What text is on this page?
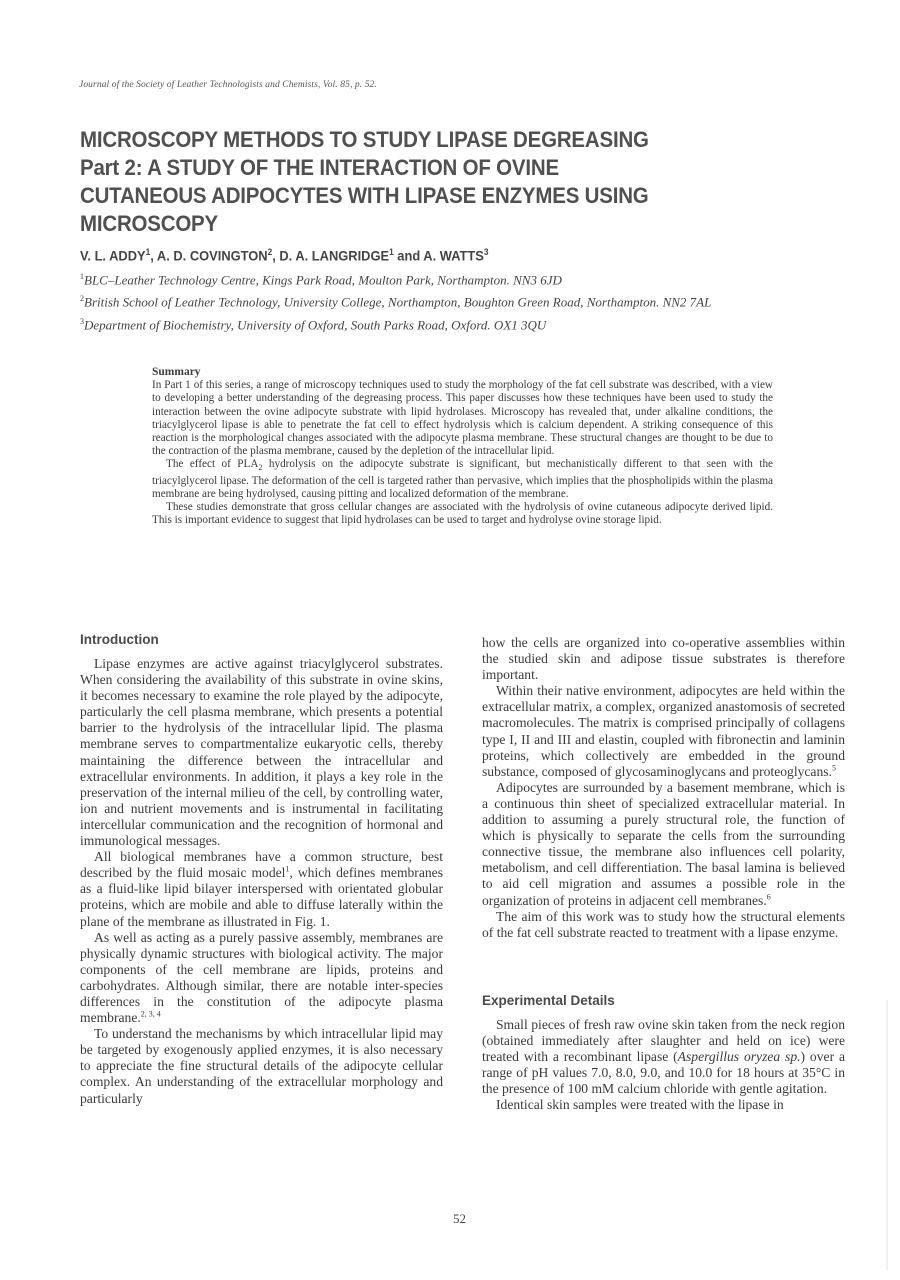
Journal of the Society of Leather Technologists and Chemists, Vol. 85, p. 52.
MICROSCOPY METHODS TO STUDY LIPASE DEGREASING
Part 2: A STUDY OF THE INTERACTION OF OVINE
CUTANEOUS ADIPOCYTES WITH LIPASE ENZYMES USING
MICROSCOPY
V. L. ADDY$^1$, A. D. COVINGTON$^2$, D. A. LANGRIDGE$^1$ and A. WATTS$^3$
$^1$BLC–Leather Technology Centre, Kings Park Road, Moulton Park, Northampton. NN3 6JD
$^2$British School of Leather Technology, University College, Northampton, Boughton Green Road, Northampton. NN2 7AL
$^3$Department of Biochemistry, University of Oxford, South Parks Road, Oxford. OX1 3QU
Summary

In Part 1 of this series, a range of microscopy techniques used to study the morphology of the fat cell substrate was described, with a view to developing a better understanding of the degreasing process. This paper discusses how these techniques have been used to study the interaction between the ovine adipocyte substrate with lipid hydrolases. Microscopy has revealed that, under alkaline conditions, the triacylglycerol lipase is able to penetrate the fat cell to effect hydrolysis which is calcium dependent. A striking consequence of this reaction is the morphological changes associated with the adipocyte plasma membrane. These structural changes are thought to be due to the contraction of the plasma membrane, caused by the depletion of the intracellular lipid.

The effect of $PLA_2$ hydrolysis on the adipocyte substrate is significant, but mechanistically different to that seen with the triacylglycerol lipase. The deformation of the cell is targeted rather than pervasive, which implies that the phospholipids within the plasma membrane are being hydrolysed, causing pitting and localized deformation of the membrane.

These studies demonstrate that gross cellular changes are associated with the hydrolysis of ovine cutaneous adipocyte derived lipid. This is important evidence to suggest that lipid hydrolases can be used to target and hydrolyse ovine storage lipid.

Introduction

Lipase enzymes are active against triacylglycerol substrates. When considering the availability of this substrate in ovine skins, it becomes necessary to examine the role played by the adipocyte, particularly the cell plasma membrane, which presents a potential barrier to the hydrolysis of the intracellular lipid. The plasma membrane serves to compartmentalize eukaryotic cells, thereby maintaining the difference between the intracellular and extracellular environments. In addition, it plays a key role in the preservation of the internal milieu of the cell, by controlling water, ion and nutrient movements and is instrumental in facilitating intercellular communication and the recognition of hormonal and immunological messages.

All biological membranes have a common structure, best described by the fluid mosaic model$^1$, which defines membranes as a fluid-like lipid bilayer interspersed with orientated globular proteins, which are mobile and able to diffuse laterally within the plane of the membrane as illustrated in Fig. 1.

As well as acting as a purely passive assembly, membranes are physically dynamic structures with biological activity. The major components of the cell membrane are lipids, proteins and carbohydrates. Although similar, there are notable inter-species differences in the constitution of the adipocyte plasma membrane.$^{2, 3, 4}$

To understand the mechanisms by which intracellular lipid may be targeted by exogenously applied enzymes, it is also necessary to appreciate the fine structural details of the adipocyte cellular complex. An understanding of the extracellular morphology and particularly

how the cells are organized into co-operative assemblies within the studied skin and adipose tissue substrates is therefore important.

Within their native environment, adipocytes are held within the extracellular matrix, a complex, organized anastomosis of secreted macromolecules. The matrix is comprised principally of collagens type I, II and III and elastin, coupled with fibronectin and laminin proteins, which collectively are embedded in the ground substance, composed of glycosaminoglycans and proteoglycans.$^5$

Adipocytes are surrounded by a basement membrane, which is a continuous thin sheet of specialized extracellular material. In addition to assuming a purely structural role, the function of which is physically to separate the cells from the surrounding connective tissue, the membrane also influences cell polarity, metabolism, and cell differentiation. The basal lamina is believed to aid cell migration and assumes a possible role in the organization of proteins in adjacent cell membranes.$^6$

The aim of this work was to study how the structural elements of the fat cell substrate reacted to treatment with a lipase enzyme.

Experimental Details

Small pieces of fresh raw ovine skin taken from the neck region (obtained immediately after slaughter and held on ice) were treated with a recombinant lipase (Aspergillus oryzea sp.) over a range of pH values 7.0, 8.0, 9.0, and 10.0 for 18 hours at 35°C in the presence of 100 mM calcium chloride with gentle agitation.

Identical skin samples were treated with the lipase in

52
